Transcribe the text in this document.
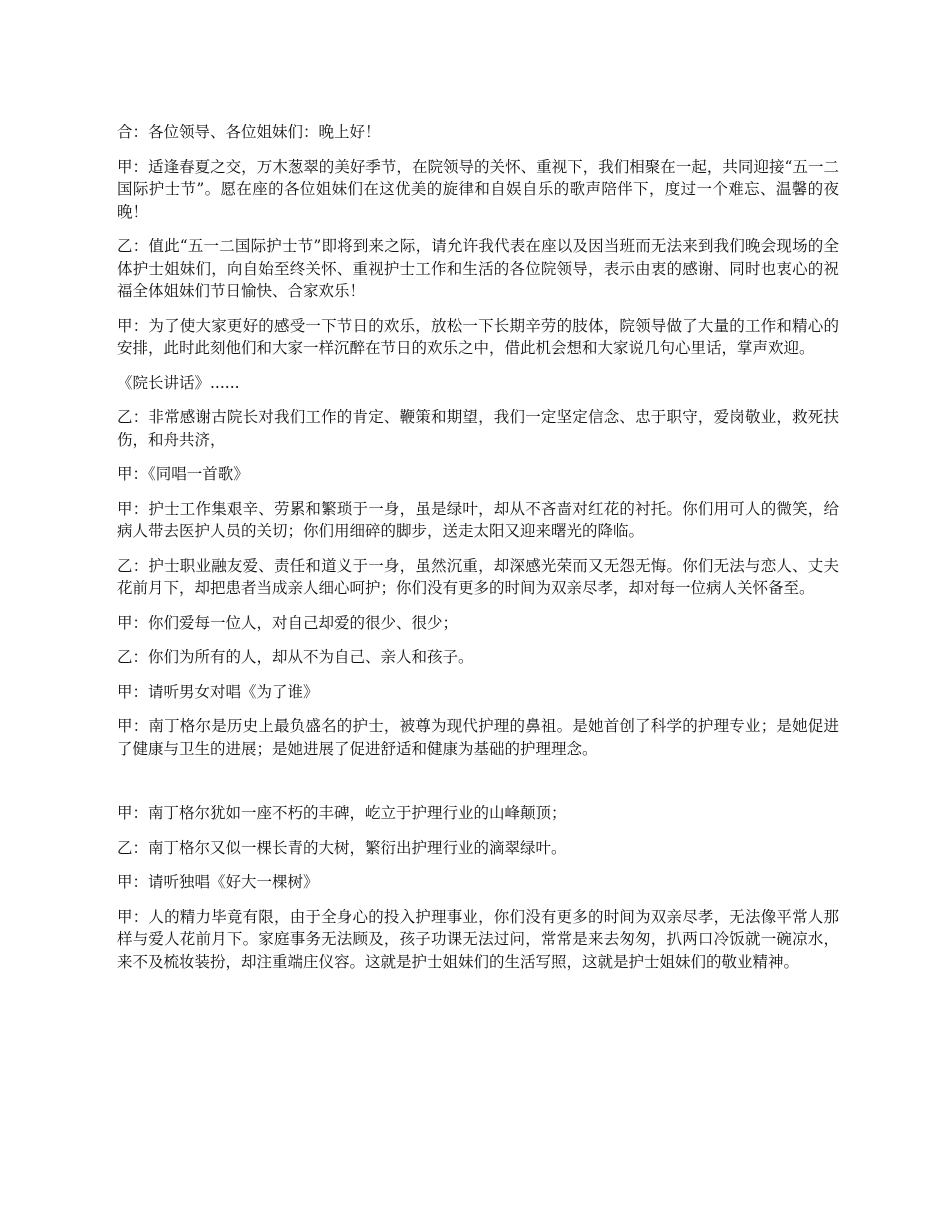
合：各位领导、各位姐妹们：晚上好！

甲：适逢春夏之交，万木葱翠的美好季节，在院领导的关怀、重视下，我们相聚在一起，共同迎接“五一二国际护士节”。愿在座的各位姐妹们在这优美的旋律和自娱自乐的歌声陪伴下，度过一个难忘、温馨的夜晚！

乙：值此“五一二国际护士节”即将到来之际，请允许我代表在座以及因当班而无法来到我们晚会现场的全体护士姐妹们，向自始至终关怀、重视护士工作和生活的各位院领导，表示由衷的感谢、同时也衷心的祝福全体姐妹们节日愉快、合家欢乐！

甲：为了使大家更好的感受一下节日的欢乐，放松一下长期辛劳的肢体，院领导做了大量的工作和精心的安排，此时此刻他们和大家一样沉醉在节日的欢乐之中，借此机会想和大家说几句心里话，掌声欢迎。

《院长讲话》......

乙：非常感谢古院长对我们工作的肯定、鞭策和期望，我们一定坚定信念、忠于职守，爱岗敬业，救死扶伤，和舟共济，

甲：《同唱一首歌》

甲：护士工作集艰辛、劳累和繁琐于一身，虽是绿叶，却从不吝啬对红花的衬托。你们用可人的微笑，给病人带去医护人员的关切；你们用细碎的脚步，送走太阳又迎来曙光的降临。

乙：护士职业融友爱、责任和道义于一身，虽然沉重，却深感光荣而又无怨无悔。你们无法与恋人、丈夫花前月下，却把患者当成亲人细心呵护；你们没有更多的时间为双亲尽孝，却对每一位病人关怀备至。

甲：你们爱每一位人，对自己却爱的很少、很少；

乙：你们为所有的人，却从不为自己、亲人和孩子。

甲：请听男女对唱《为了谁》

甲：南丁格尔是历史上最负盛名的护士，被尊为现代护理的鼻祖。是她首创了科学的护理专业；是她促进了健康与卫生的进展；是她进展了促进舒适和健康为基础的护理理念。

甲：南丁格尔犹如一座不朽的丰碑，屹立于护理行业的山峰颠顶；

乙：南丁格尔又似一棵长青的大树，繁衍出护理行业的滴翠绿叶。

甲：请听独唱《好大一棵树》

甲：人的精力毕竟有限，由于全身心的投入护理事业，你们没有更多的时间为双亲尽孝，无法像平常人那样与爱人花前月下。家庭事务无法顾及，孩子功课无法过问，常常是来去匆匆，扒两口冷饭就一碗凉水，来不及梳妆装扮，却注重端庄仪容。这就是护士姐妹们的生活写照，这就是护士姐妹们的敬业精神。
